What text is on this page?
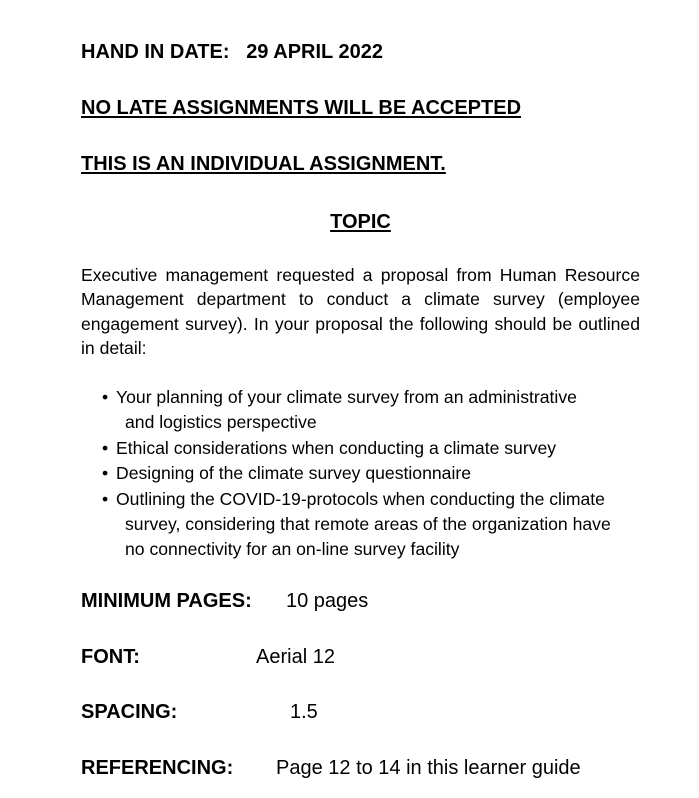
HAND IN DATE: 29 APRIL 2022
NO LATE ASSIGNMENTS WILL BE ACCEPTED
THIS IS AN INDIVIDUAL ASSIGNMENT.
TOPIC
Executive management requested a proposal from Human Resource Management department to conduct a climate survey (employee engagement survey). In your proposal the following should be outlined in detail:
• Your planning of your climate survey from an administrative
and logistics perspective
• Ethical considerations when conducting a climate survey
• Designing of the climate survey questionnaire
• Outlining the COVID-19-protocols when conducting the climate
survey, considering that remote areas of the organization have
no connectivity for an on-line survey facility
MINIMUM PAGES: 10 pages
FONT:	Aerial 12
SPACING:	1.5
REFERENCING: Page 12 to 14 in this learner guide
